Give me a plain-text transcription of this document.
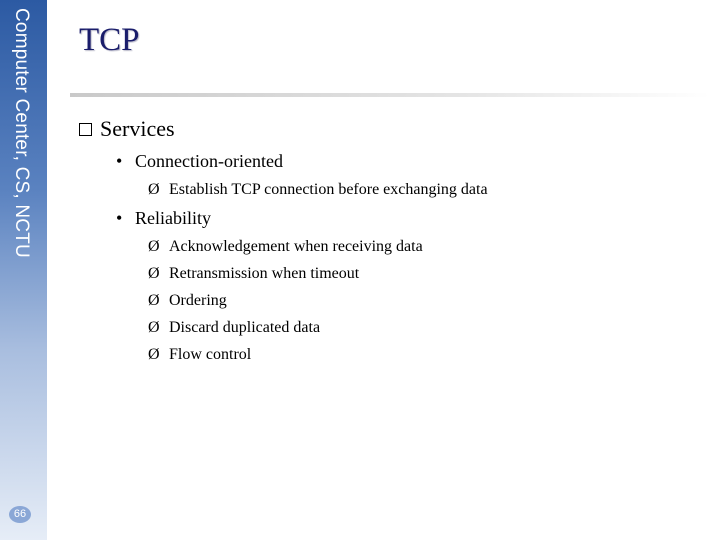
Computer Center, CS, NCTU
66
TCP
Services
• Connection-oriented
Ø Establish TCP connection before exchanging data
• Reliability
Ø Acknowledgement when receiving data
Ø Retransmission when timeout
Ø Ordering
Ø Discard duplicated data
Ø Flow control
